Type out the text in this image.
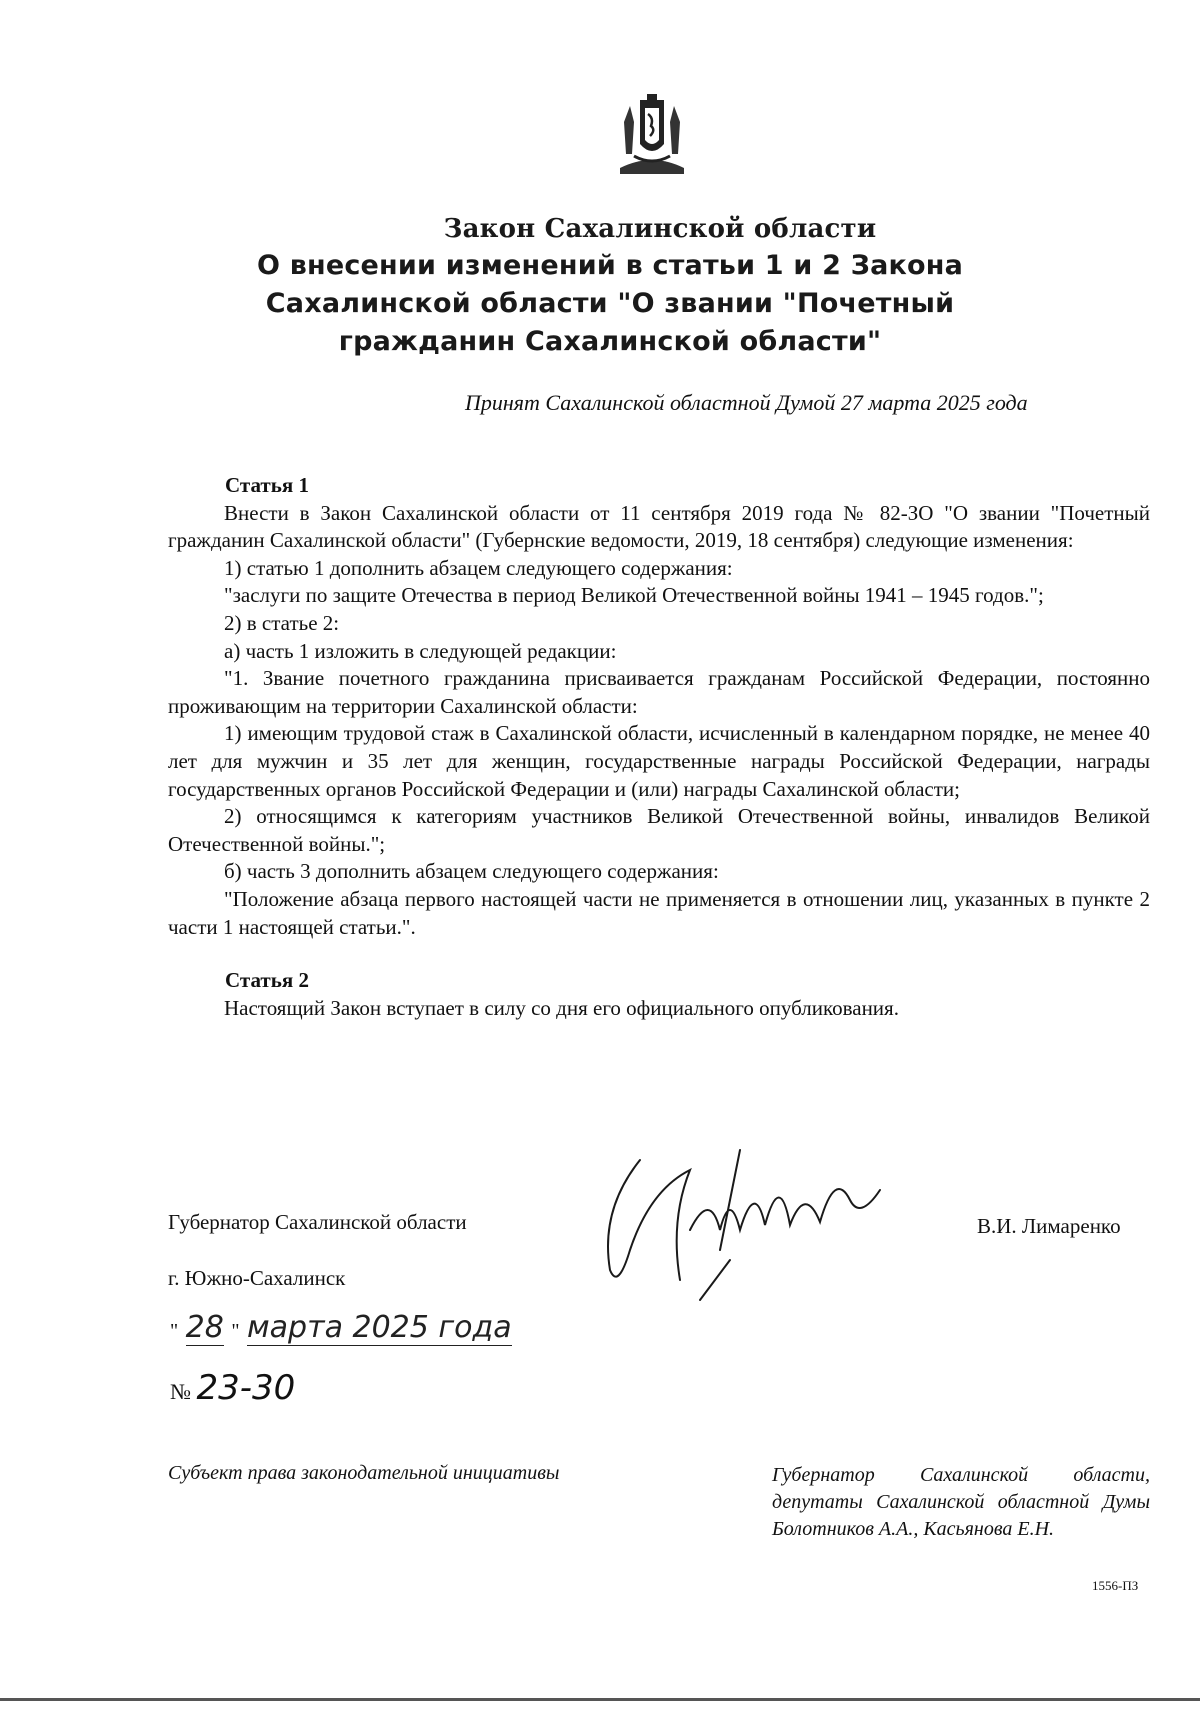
Закон Сахалинской области
О внесении изменений в статьи 1 и 2 Закона
Сахалинской области "О звании "Почетный
гражданин Сахалинской области"
Принят Сахалинской областной Думой 27 марта 2025 года

Статья 1

Внести в Закон Сахалинской области от 11 сентября 2019 года № 82-ЗО "О звании "Почетный гражданин Сахалинской области" (Губернские ведомости, 2019, 18 сентября) следующие изменения:

1) статью 1 дополнить абзацем следующего содержания:

"заслуги по защите Отечества в период Великой Отечественной войны 1941 – 1945 годов.";

2) в статье 2:

а) часть 1 изложить в следующей редакции:

"1. Звание почетного гражданина присваивается гражданам Российской Федерации, постоянно проживающим на территории Сахалинской области:

1) имеющим трудовой стаж в Сахалинской области, исчисленный в календарном порядке, не менее 40 лет для мужчин и 35 лет для женщин, государственные награды Российской Федерации, награды государственных органов Российской Федерации и (или) награды Сахалинской области;

2) относящимся к категориям участников Великой Отечественной войны, инвалидов Великой Отечественной войны.";

б) часть 3 дополнить абзацем следующего содержания:

"Положение абзаца первого настоящей части не применяется в отношении лиц, указанных в пункте 2 части 1 настоящей статьи.".

Статья 2

Настоящий Закон вступает в силу со дня его официального опубликования.

Губернатор Сахалинской области	В.И. Лимаренко
г. Южно-Сахалинск
" 28 " марта 2025 года
№ 23-30
Субъект права законодательной инициативы	Губернатор Сахалинской области, депутаты Сахалинской областной Думы Болотников А.А., Касьянова Е.Н.
1556-ПЗ
